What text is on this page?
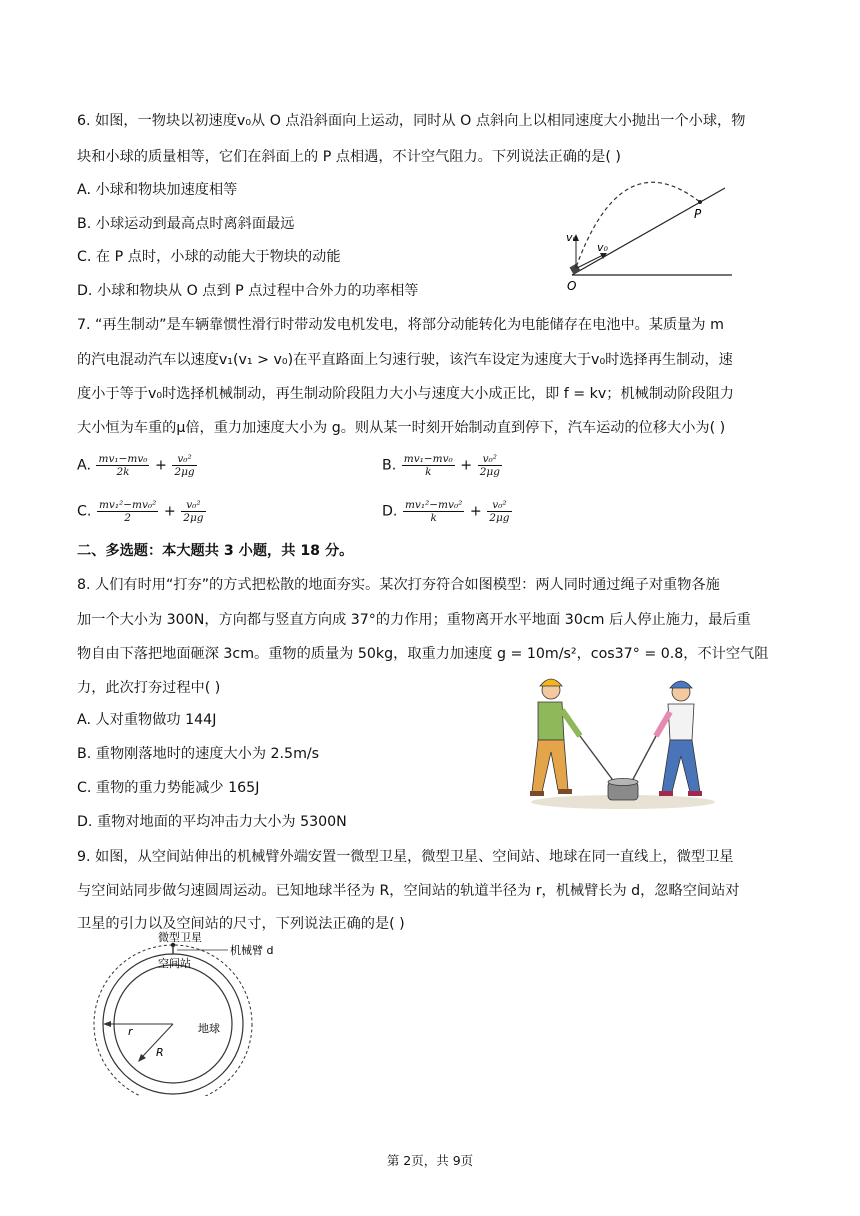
6. 如图，一物块以初速度v₀从 O 点沿斜面向上运动，同时从 O 点斜向上以相同速度大小抛出一个小球，物
块和小球的质量相等，它们在斜面上的 P 点相遇，不计空气阻力。下列说法正确的是( )
A. 小球和物块加速度相等
B. 小球运动到最高点时离斜面最远
C. 在 P 点时，小球的动能大于物块的动能
D. 小球和物块从 O 点到 P 点过程中合外力的功率相等
P
O
v₀
v₀
7. “再生制动”是车辆靠惯性滑行时带动发电机发电，将部分动能转化为电能储存在电池中。某质量为 m
的汽电混动汽车以速度v₁(v₁ > v₀)在平直路面上匀速行驶，该汽车设定为速度大于v₀时选择再生制动，速
度小于等于v₀时选择机械制动，再生制动阶段阻力大小与速度大小成正比，即 f = kv；机械制动阶段阻力
大小恒为车重的μ倍，重力加速度大小为 g。则从某一时刻开始制动直到停下，汽车运动的位移大小为( )
A. $\frac{\text{mv₁−mv₀}}{2k} + \frac{\text{v₀²}}{2\mu g}$	B. $\frac{\text{mv₁−mv₀}}{k} + \frac{\text{v₀²}}{2\mu g}$
C. $\frac{\text{mv₁²−mv₀²}}{2} + \frac{\text{v₀²}}{2\mu g}$	D. $\frac{\text{mv₁²−mv₀²}}{k} + \frac{\text{v₀²}}{2\mu g}$
二、多选题：本大题共 3 小题，共 18 分。
8. 人们有时用“打夯”的方式把松散的地面夯实。某次打夯符合如图模型：两人同时通过绳子对重物各施
加一个大小为 300N，方向都与竖直方向成 37°的力作用；重物离开水平地面 30cm 后人停止施力，最后重
物自由下落把地面砸深 3cm。重物的质量为 50kg，取重力加速度 g = 10m/s²，cos37° = 0.8，不计空气阻
力，此次打夯过程中( )
A. 人对重物做功 144J
B. 重物刚落地时的速度大小为 2.5m/s
C. 重物的重力势能减少 165J
D. 重物对地面的平均冲击力大小为 5300N
9. 如图，从空间站伸出的机械臂外端安置一微型卫星，微型卫星、空间站、地球在同一直线上，微型卫星
与空间站同步做匀速圆周运动。已知地球半径为 R，空间站的轨道半径为 r，机械臂长为 d，忽略空间站对
卫星的引力以及空间站的尺寸，下列说法正确的是( )
微型卫星
机械臂 d
空间站
地球
r
R
第 2页，共 9页
